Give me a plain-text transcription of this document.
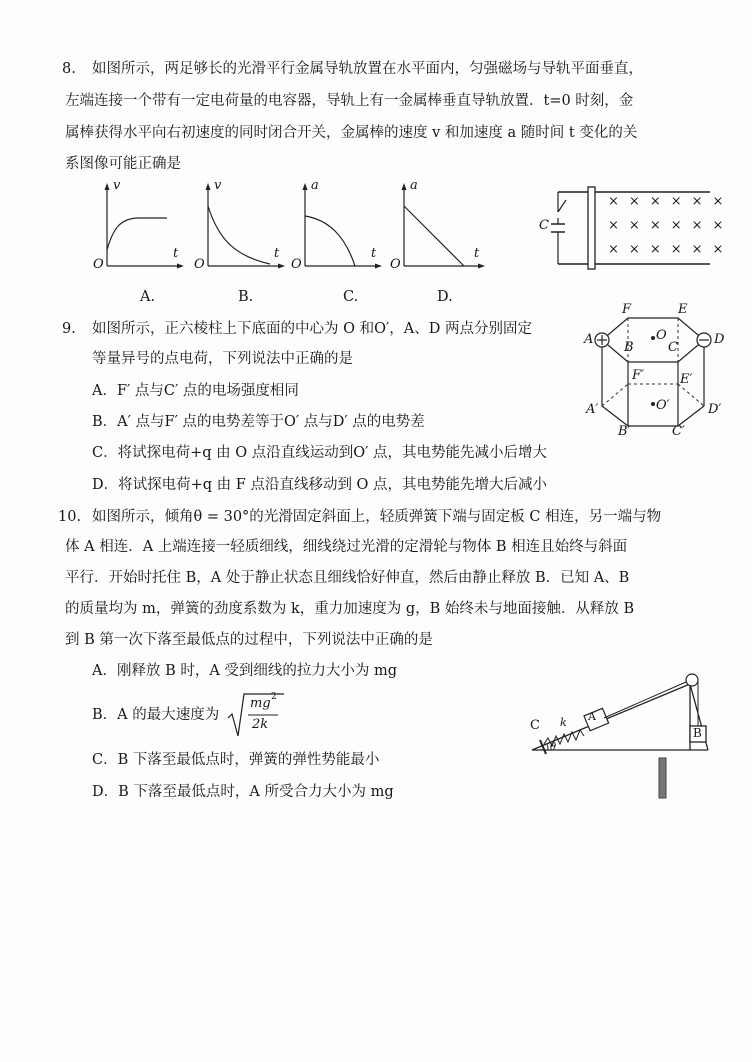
8. 如图所示，两足够长的光滑平行金属导轨放置在水平面内，匀强磁场与导轨平面垂直，
左端连接一个带有一定电荷量的电容器，导轨上有一金属棒垂直导轨放置．t=0 时刻，金
属棒获得水平向右初速度的同时闭合开关，金属棒的速度 v 和加速度 a 随时间 t 变化的关
系图像可能正确是
v
t
O
A.
v
t
O
B.
a
t
O
C.
a
t
O
D.
C
××××××
××××××
××××××
9. 如图所示，正六棱柱上下底面的中心为 O 和O′，A、D 两点分别固定
等量异号的点电荷，下列说法中正确的是
A．F′ 点与C′ 点的电场强度相同
B．A′ 点与F′ 点的电势差等于O′ 点与D′ 点的电势差
C．将试探电荷+q 由 O 点沿直线运动到O′ 点，其电势能先减小后增大
D．将试探电荷+q 由 F 点沿直线移动到 O 点，其电势能先增大后减小
F	E
A
B	C
D
O
F′	E′
A′	D′
B′	C′
O′
10. 如图所示，倾角θ = 30°的光滑固定斜面上，轻质弹簧下端与固定板 C 相连，另一端与物
体 A 相连．A 上端连接一轻质细线，细线绕过光滑的定滑轮与物体 B 相连且始终与斜面
平行．开始时托住 B，A 处于静止状态且细线恰好伸直，然后由静止释放 B．已知 A、B
的质量均为 m，弹簧的劲度系数为 k，重力加速度为 g，B 始终未与地面接触．从释放 B
到 B 第一次下落至最低点的过程中，下列说法中正确的是
A．刚释放 B 时，A 受到细线的拉力大小为 mg
B．A 的最大速度为
mg 2
2k
C．B 下落至最低点时，弹簧的弹性势能最小
D．B 下落至最低点时，A 所受合力大小为 mg
C k A
B
θ
